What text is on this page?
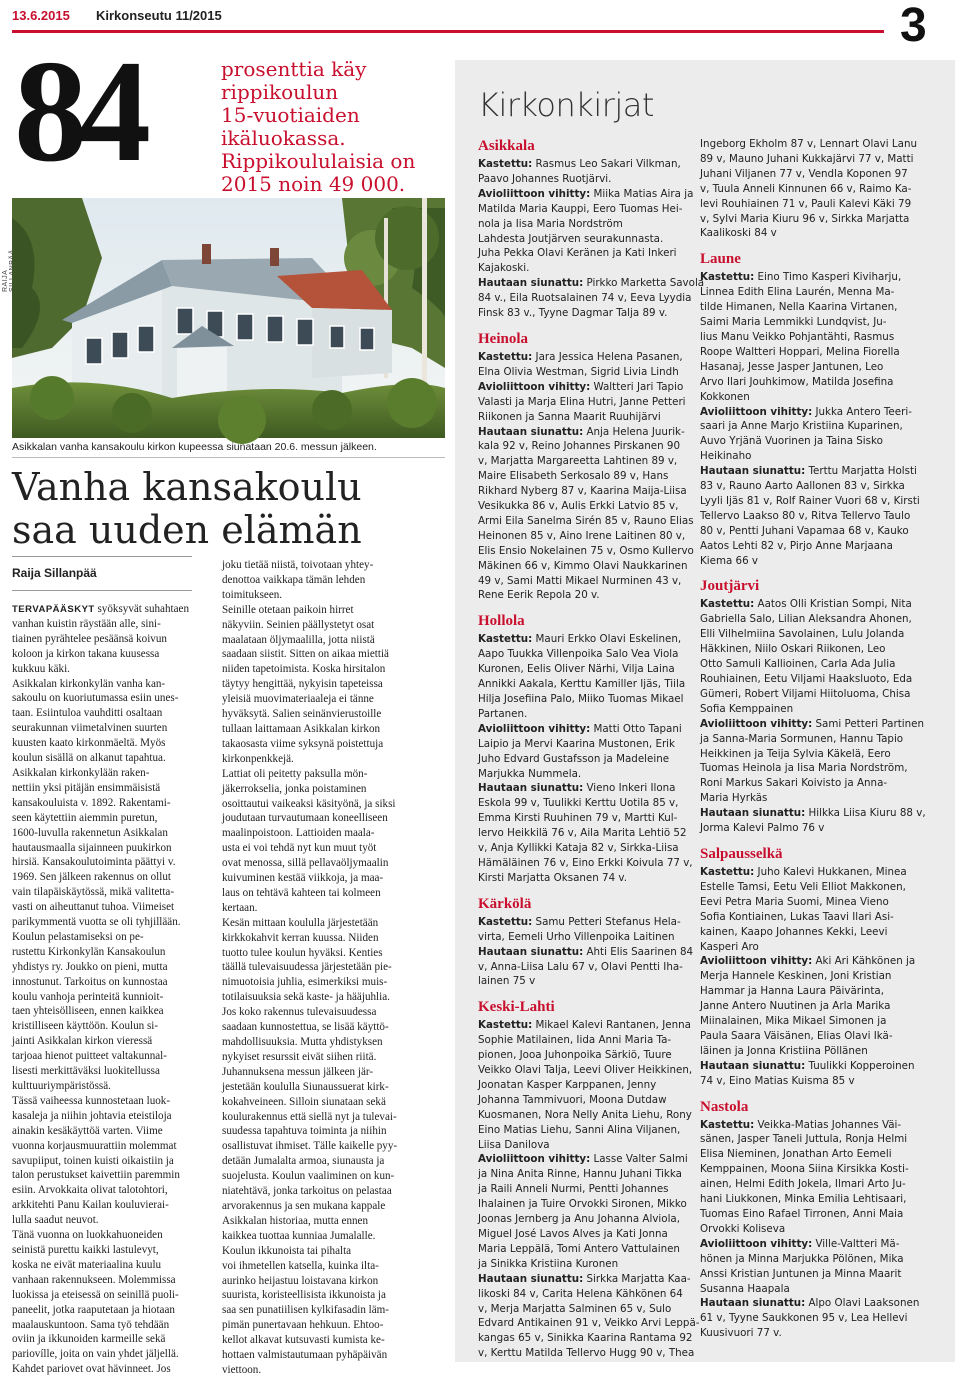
13.6.2015 Kirkonseutu 11/2015	3
84	prosenttia käy

rippikoulun

15-vuotiaiden

ikäluokassa.

Rippikoululaisia on

2015 noin 49 000.

RAIJA
Asikkalan vanha kansakoulu kirkon kupeessa siunataan 20.6. messun jälkeen.

Vanha kansakoulu

saa uuden elämän

Raija Sillanpää

TERVAPÄÄSKYT syöksyvät suhahtaen

vanhan kuistin räystään alle, sini-

tiainen pyrähtelee pesäänsä koivun

koloon ja kirkon takana kuusessa

kukkuu käki.

Asikkalan kirkonkylän vanha kan-

sakoulu on kuoriutumassa esiin unes-

taan. Esiintuloa vauhditti osaltaan

seurakunnan viimetalvinen suurten

kuusten kaato kirkonmäeltä. Myös

koulun sisällä on alkanut tapahtua.

Asikkalan kirkonkylään raken-

nettiin yksi pitäjän ensimmäisistä

kansakouluista v. 1892. Rakentami-

seen käytettiin aiemmin puretun,

1600-luvulla rakennetun Asikkalan

hautausmaalla sijainneen puukirkon

hirsiä. Kansakoulutoiminta päättyi v.

1969. Sen jälkeen rakennus on ollut

vain tilapäiskäytössä, mikä valitetta-

vasti on aiheuttanut tuhoa. Viimeiset

parikymmentä vuotta se oli tyhjillään.

Koulun pelastamiseksi on pe-

rustettu Kirkonkylän Kansakoulun

yhdistys ry. Joukko on pieni, mutta

innostunut. Tarkoitus on kunnostaa

koulu vanhoja perinteitä kunnioit-

taen yhteisölliseen, ennen kaikkea

kristilliseen käyttöön. Koulun si-

jainti Asikkalan kirkon vieressä

tarjoaa hienot puitteet valtakunnal-

lisesti merkittäväksi luokitellussa

kulttuuriympäristössä.

Tässä vaiheessa kunnostetaan luok-

kasaleja ja niihin johtavia eteistiloja

ainakin kesäkäyttöä varten. Viime

vuonna korjausmuurattiin molemmat

savupiiput, toinen kuisti oikaistiin ja

talon perustukset kaivettiin paremmin

esiin. Arvokkaita olivat talotohtori,

arkkitehti Panu Kailan kouluvierai-

lulla saadut neuvot.

Tänä vuonna on luokkahuoneiden

seinistä purettu kaikki lastulevyt,

koska ne eivät materiaalina kuulu

vanhaan rakennukseen. Molemmissa

luokissa ja eteisessä on seinillä puoli-

paneelit, jotka raaputetaan ja hiotaan

maalauskuntoon. Sama työ tehdään

oviin ja ikkunoiden karmeille sekä

pariovílle, joita on vain yhdet jäljellä.

Kahdet pariovet ovat hävinneet. Jos

joku tietää niistä, toivotaan yhtey-

denottoa vaikkapa tämän lehden

toimitukseen.

Seinille otetaan paikoin hirret

näkyviin. Seinien päällystetyt osat

maalataan öljymaalilla, jotta niistä

saadaan siistit. Sitten on aikaa miettiä

niiden tapetoimista. Koska hirsitalon

täytyy hengittää, nykyisin tapeteissa

yleisiä muovimateriaaleja ei tänne

hyväksytä. Salien seinänvierustoille

tullaan laittamaan Asikkalan kirkon

takaosasta viime syksynä poistettuja

kirkonpenkkejä.

Lattiat oli peitetty paksulla mön-

jäkerrokselia, jonka poistaminen

osoittautui vaikeaksi käsityönä, ja siksi

joudutaan turvautumaan koneelliseen

maalinpoistoon. Lattioiden maala-

usta ei voi tehdä nyt kun muut työt

ovat menossa, sillä pellavaöljymaalin

kuivuminen kestää viikkoja, ja maa-

laus on tehtävä kahteen tai kolmeen

kertaan.

Kesän mittaan koululla järjestetään

kirkkokahvit kerran kuussa. Niiden

tuotto tulee koulun hyväksi. Kenties

täällä tulevaisuudessa järjestetään pie-

nimuotoisia juhlia, esimerkiksi muis-

totilaisuuksia sekä kaste- ja hääjuhlia.

Jos koko rakennus tulevaisuudessa

saadaan kunnostettua, se lisää käyttö-

mahdollisuuksia. Mutta yhdistyksen

nykyiset resurssit eivät siihen riitä.

Juhannuksena messun jälkeen jär-

jestetään koululla Siunaussuerat kirk-

kokahveineen. Silloin siunataan sekä

koulurakennus että siellä nyt ja tulevai-

suudessa tapahtuva toiminta ja niihin

osallistuvat ihmiset. Tälle kaikelle pyy-

detään Jumalalta armoa, siunausta ja

suojelusta. Koulun vaaliminen on kun-

niatehtävä, jonka tarkoitus on pelastaa

arvorakennus ja sen mukana kappale

Asikkalan historiaa, mutta ennen

kaikkea tuottaa kunniaa Jumalalle.

Koulun ikkunoista tai pihalta

voi ihmetellen katsella, kuinka ilta-

aurinko heijastuu loistavana kirkon

suurista, koristeellisista ikkunoista ja

saa sen punatiilisen kylkifasadin läm-

pimän punertavaan hehkuun. Ehtoo-

kellot alkavat kutsuvasti kumista ke-

hottaen valmistautumaan pyhäpäivän

viettoon.

Kirkonkirjat
Asikkala

Kastettu: Rasmus Leo Sakari Vilkman,

Paavo Johannes Ruotjärvi.

Avioliittoon vihitty: Miika Matias Aira ja

Matilda Maria Kauppi, Eero Tuomas Hei-

nola ja Iisa Maria Nordström

Lahdesta Joutjärven seurakunnasta.

Juha Pekka Olavi Keränen ja Kati Inkeri

Kajakoski.

Hautaan siunattu: Pirkko Marketta Savola

84 v., Eila Ruotsalainen 74 v, Eeva Lyydia

Finsk 83 v., Tyyne Dagmar Talja 89 v.

Heinola

Kastettu: Jara Jessica Helena Pasanen,

Elna Olivia Westman, Sigrid Livia Lindh

Avioliittoon vihitty: Waltteri Jari Tapio

Valasti ja Marja Elina Hutri, Janne Petteri

Riikonen ja Sanna Maarit Ruuhijärvi

Hautaan siunattu: Anja Helena Juurik-

kala 92 v, Reino Johannes Pirskanen 90

v, Marjatta Margareetta Lahtinen 89 v,

Maire Elisabeth Serkosalo 89 v, Hans

Rikhard Nyberg 87 v, Kaarina Maija-Liisa

Vesikukka 86 v, Aulis Erkki Latvio 85 v,

Armi Eila Sanelma Sirén 85 v, Rauno Elias

Heinonen 85 v, Aino Irene Laitinen 80 v,

Elis Ensio Nokelainen 75 v, Osmo Kullervo

Mäkinen 66 v, Kimmo Olavi Naukkarinen

49 v, Sami Matti Mikael Nurminen 43 v,

Rene Eerik Repola 20 v.

Hollola

Kastettu: Mauri Erkko Olavi Eskelinen,

Aapo Tuukka Villenpoika Salo Vea Viola

Kuronen, Eelis Oliver Närhi, Vilja Laina

Annikki Aakala, Kerttu Kamiller Ijäs, Tiila

Hilja Josefiina Palo, Miiko Tuomas Mikael

Partanen.

Avioliittoon vihitty: Matti Otto Tapani

Laipio ja Mervi Kaarina Mustonen, Erik

Juho Edvard Gustafsson ja Madeleine

Marjukka Nummela.

Hautaan siunattu: Vieno Inkeri Ilona

Eskola 99 v, Tuulikki Kerttu Uotila 85 v,

Emma Kirsti Ruuhinen 79 v, Martti Kul-

lervo Heikkilä 76 v, Aila Marita Lehtiö 52

v, Anja Kyllikki Kataja 82 v, Sirkka-Liisa

Hämäläinen 76 v, Eino Erkki Koivula 77 v,

Kirsti Marjatta Oksanen 74 v.

Kärkölä

Kastettu: Samu Petteri Stefanus Hela-

virta, Eemeli Urho Villenpoika Laitinen

Hautaan siunattu: Ahti Elis Saarinen 84

v, Anna-Liisa Lalu 67 v, Olavi Pentti Iha-

lainen 75 v

Keski-Lahti

Kastettu: Mikael Kalevi Rantanen, Jenna

Sophie Matilainen, Iida Anni Maria Ta-

pionen, Jooa Juhonpoika Särkiö, Tuure

Veikko Olavi Talja, Leevi Oliver Heikkinen,

Joonatan Kasper Karppanen, Jenny

Johanna Tammivuori, Moona Dutdaw

Kuosmanen, Nora Nelly Anita Liehu, Rony

Eino Matias Liehu, Sanni Alina Viljanen,

Liisa Danilova

Avioliittoon vihitty: Lasse Valter Salmi

ja Nina Anita Rinne, Hannu Juhani Tikka

ja Raili Anneli Nurmi, Pentti Johannes

Ihalainen ja Tuire Orvokki Sironen, Mikko

Joonas Jernberg ja Anu Johanna Alviola,

Miguel José Lavos Alves ja Kati Jonna

Maria Leppälä, Tomi Antero Vattulainen

ja Sinikka Kristiina Kuronen

Hautaan siunattu: Sirkka Marjatta Kaa-

likoski 84 v, Carita Helena Kähkönen 64

v, Merja Marjatta Salminen 65 v, Sulo

Edvard Antikainen 91 v, Veikko Arvi Leppä-

kangas 65 v, Sinikka Kaarina Rantama 92

v, Kerttu Matilda Tellervo Hugg 90 v, Thea

Ingeborg Ekholm 87 v, Lennart Olavi Lanu

89 v, Mauno Juhani Kukkajärvi 77 v, Matti

Juhani Viljanen 77 v, Vendla Koponen 97

v, Tuula Anneli Kinnunen 66 v, Raimo Ka-

levi Rouhiainen 71 v, Pauli Kalevi Käki 79

v, Sylvi Maria Kiuru 96 v, Sirkka Marjatta

Kaalikoski 84 v

Laune

Kastettu: Eino Timo Kasperi Kiviharju,

Linnea Edith Elina Laurén, Menna Ma-

tilde Himanen, Nella Kaarina Virtanen,

Saimi Maria Lemmikki Lundqvist, Ju-

lius Manu Veikko Pohjantähti, Rasmus

Roope Waltteri Hoppari, Melina Fiorella

Hasanaj, Jesse Jasper Jantunen, Leo

Arvo Ilari Jouhkimow, Matilda Josefina

Kokkonen

Avioliittoon vihitty: Jukka Antero Teeri-

saari ja Anne Marjo Kristiina Kuparinen,

Auvo Yrjänä Vuorinen ja Taina Sisko

Heikinaho

Hautaan siunattu: Terttu Marjatta Holsti

83 v, Rauno Aarto Aallonen 83 v, Sirkka

Lyyli Ijäs 81 v, Rolf Rainer Vuori 68 v, Kirsti

Tellervo Laakso 80 v, Ritva Tellervo Taulo

80 v, Pentti Juhani Vapamaa 68 v, Kauko

Aatos Lehti 82 v, Pirjo Anne Marjaana

Kiema 66 v

Joutjärvi

Kastettu: Aatos Olli Kristian Sompi, Nita

Gabriella Salo, Lilian Aleksandra Ahonen,

Elli Vilhelmiina Savolainen, Lulu Jolanda

Häkkinen, Niilo Oskari Riikonen, Leo

Otto Samuli Kallioinen, Carla Ada Julia

Rouhiainen, Eetu Viljami Haaksluoto, Eda

Gümeri, Robert Viljami Hiitoluoma, Chisa

Sofia Kemppainen

Avioliittoon vihitty: Sami Petteri Partinen

ja Sanna-Maria Sormunen, Hannu Tapio

Heikkinen ja Teija Sylvia Käkelä, Eero

Tuomas Heinola ja Iisa Maria Nordström,

Roni Markus Sakari Koivisto ja Anna-

Maria Hyrkäs

Hautaan siunattu: Hilkka Liisa Kiuru 88 v,

Jorma Kalevi Palmo 76 v

Salpausselkä

Kastettu: Juho Kalevi Hukkanen, Minea

Estelle Tamsi, Eetu Veli Elliot Makkonen,

Eevi Petra Maria Suomi, Minea Vieno

Sofia Kontiainen, Lukas Taavi Ilari Asi-

kainen, Kaapo Johannes Kekki, Leevi

Kasperi Aro

Avioliittoon vihitty: Aki Ari Kähkönen ja

Merja Hannele Keskinen, Joni Kristian

Hammar ja Hanna Laura Päivärinta,

Janne Antero Nuutinen ja Arla Marika

Miinalainen, Mika Mikael Simonen ja

Paula Saara Väisänen, Elias Olavi Ikä-

läinen ja Jonna Kristiina Pöllänen

Hautaan siunattu: Tuulikki Kopperoinen

74 v, Eino Matias Kuisma 85 v

Nastola

Kastettu: Veikka-Matias Johannes Väi-

sänen, Jasper Taneli Juttula, Ronja Helmi

Elisa Nieminen, Jonathan Arto Eemeli

Kemppainen, Moona Siina Kirsikka Kosti-

ainen, Helmi Edith Jokela, Ilmari Arto Ju-

hani Liukkonen, Minka Emilia Lehtisaari,

Tuomas Eino Rafael Tirronen, Anni Maia

Orvokki Koliseva

Avioliittoon vihitty: Ville-Valtteri Mä-

hönen ja Minna Marjukka Pölönen, Mika

Anssi Kristian Juntunen ja Minna Maarit

Susanna Haapala

Hautaan siunattu: Alpo Olavi Laaksonen

61 v, Tyyne Saukkonen 95 v, Lea Hellevi

Kuusivuori 77 v.
